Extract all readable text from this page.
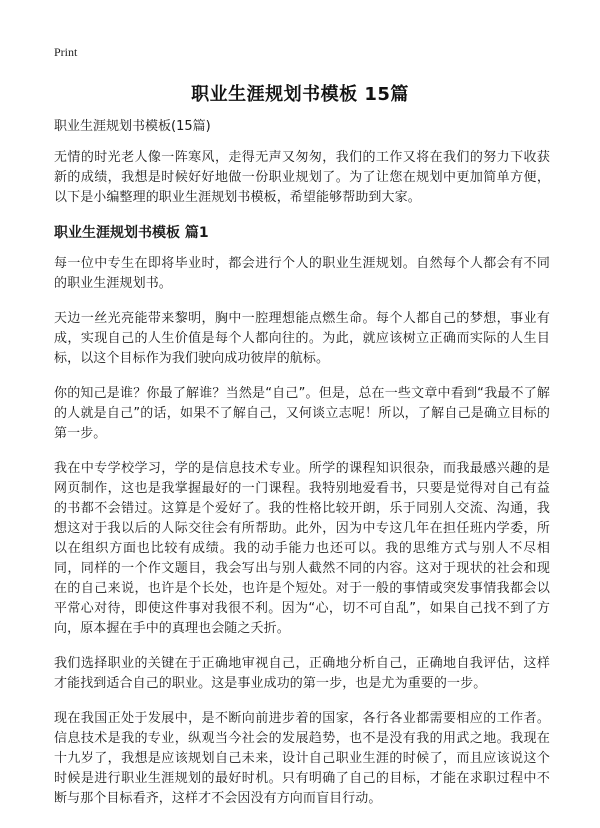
Print
职业生涯规划书模板 15篇
职业生涯规划书模板(15篇)

无情的时光老人像一阵寒风，走得无声又匆匆，我们的工作又将在我们的努力下收获新的成绩，我想是时候好好地做一份职业规划了。为了让您在规划中更加简单方便，以下是小编整理的职业生涯规划书模板，希望能够帮助到大家。

职业生涯规划书模板 篇1

每一位中专生在即将毕业时，都会进行个人的职业生涯规划。自然每个人都会有不同的职业生涯规划书。

天边一丝光亮能带来黎明，胸中一腔理想能点燃生命。每个人都自己的梦想，事业有成，实现自己的人生价值是每个人都向往的。为此，就应该树立正确而实际的人生目标，以这个目标作为我们驶向成功彼岸的航标。

你的知己是谁？你最了解谁？当然是“自己”。但是，总在一些文章中看到“我最不了解的人就是自己”的话，如果不了解自己，又何谈立志呢！所以，了解自己是确立目标的第一步。

我在中专学校学习，学的是信息技术专业。所学的课程知识很杂，而我最感兴趣的是网页制作，这也是我掌握最好的一门课程。我特别地爱看书，只要是觉得对自己有益的书都不会错过。这算是个爱好了。我的性格比较开朗，乐于同别人交流、沟通，我想这对于我以后的人际交往会有所帮助。此外，因为中专这几年在担任班内学委，所以在组织方面也比较有成绩。我的动手能力也还可以。我的思维方式与别人不尽相同，同样的一个作文题目，我会写出与别人截然不同的内容。这对于现状的社会和现在的自己来说，也许是个长处，也许是个短处。对于一般的事情或突发事情我都会以平常心对待，即使这件事对我很不利。因为“心，切不可自乱”，如果自己找不到了方向，原本握在手中的真理也会随之夭折。

我们选择职业的关键在于正确地审视自己，正确地分析自己，正确地自我评估，这样才能找到适合自己的职业。这是事业成功的第一步，也是尤为重要的一步。

现在我国正处于发展中，是不断向前进步着的国家，各行各业都需要相应的工作者。信息技术是我的专业，纵观当今社会的发展趋势，也不是没有我的用武之地。我现在十九岁了，我想是应该规划自己未来，设计自己职业生涯的时候了，而且应该说这个时候是进行职业生涯规划的最好时机。只有明确了自己的目标，才能在求职过程中不断与那个目标看齐，这样才不会因没有方向而盲目行动。
